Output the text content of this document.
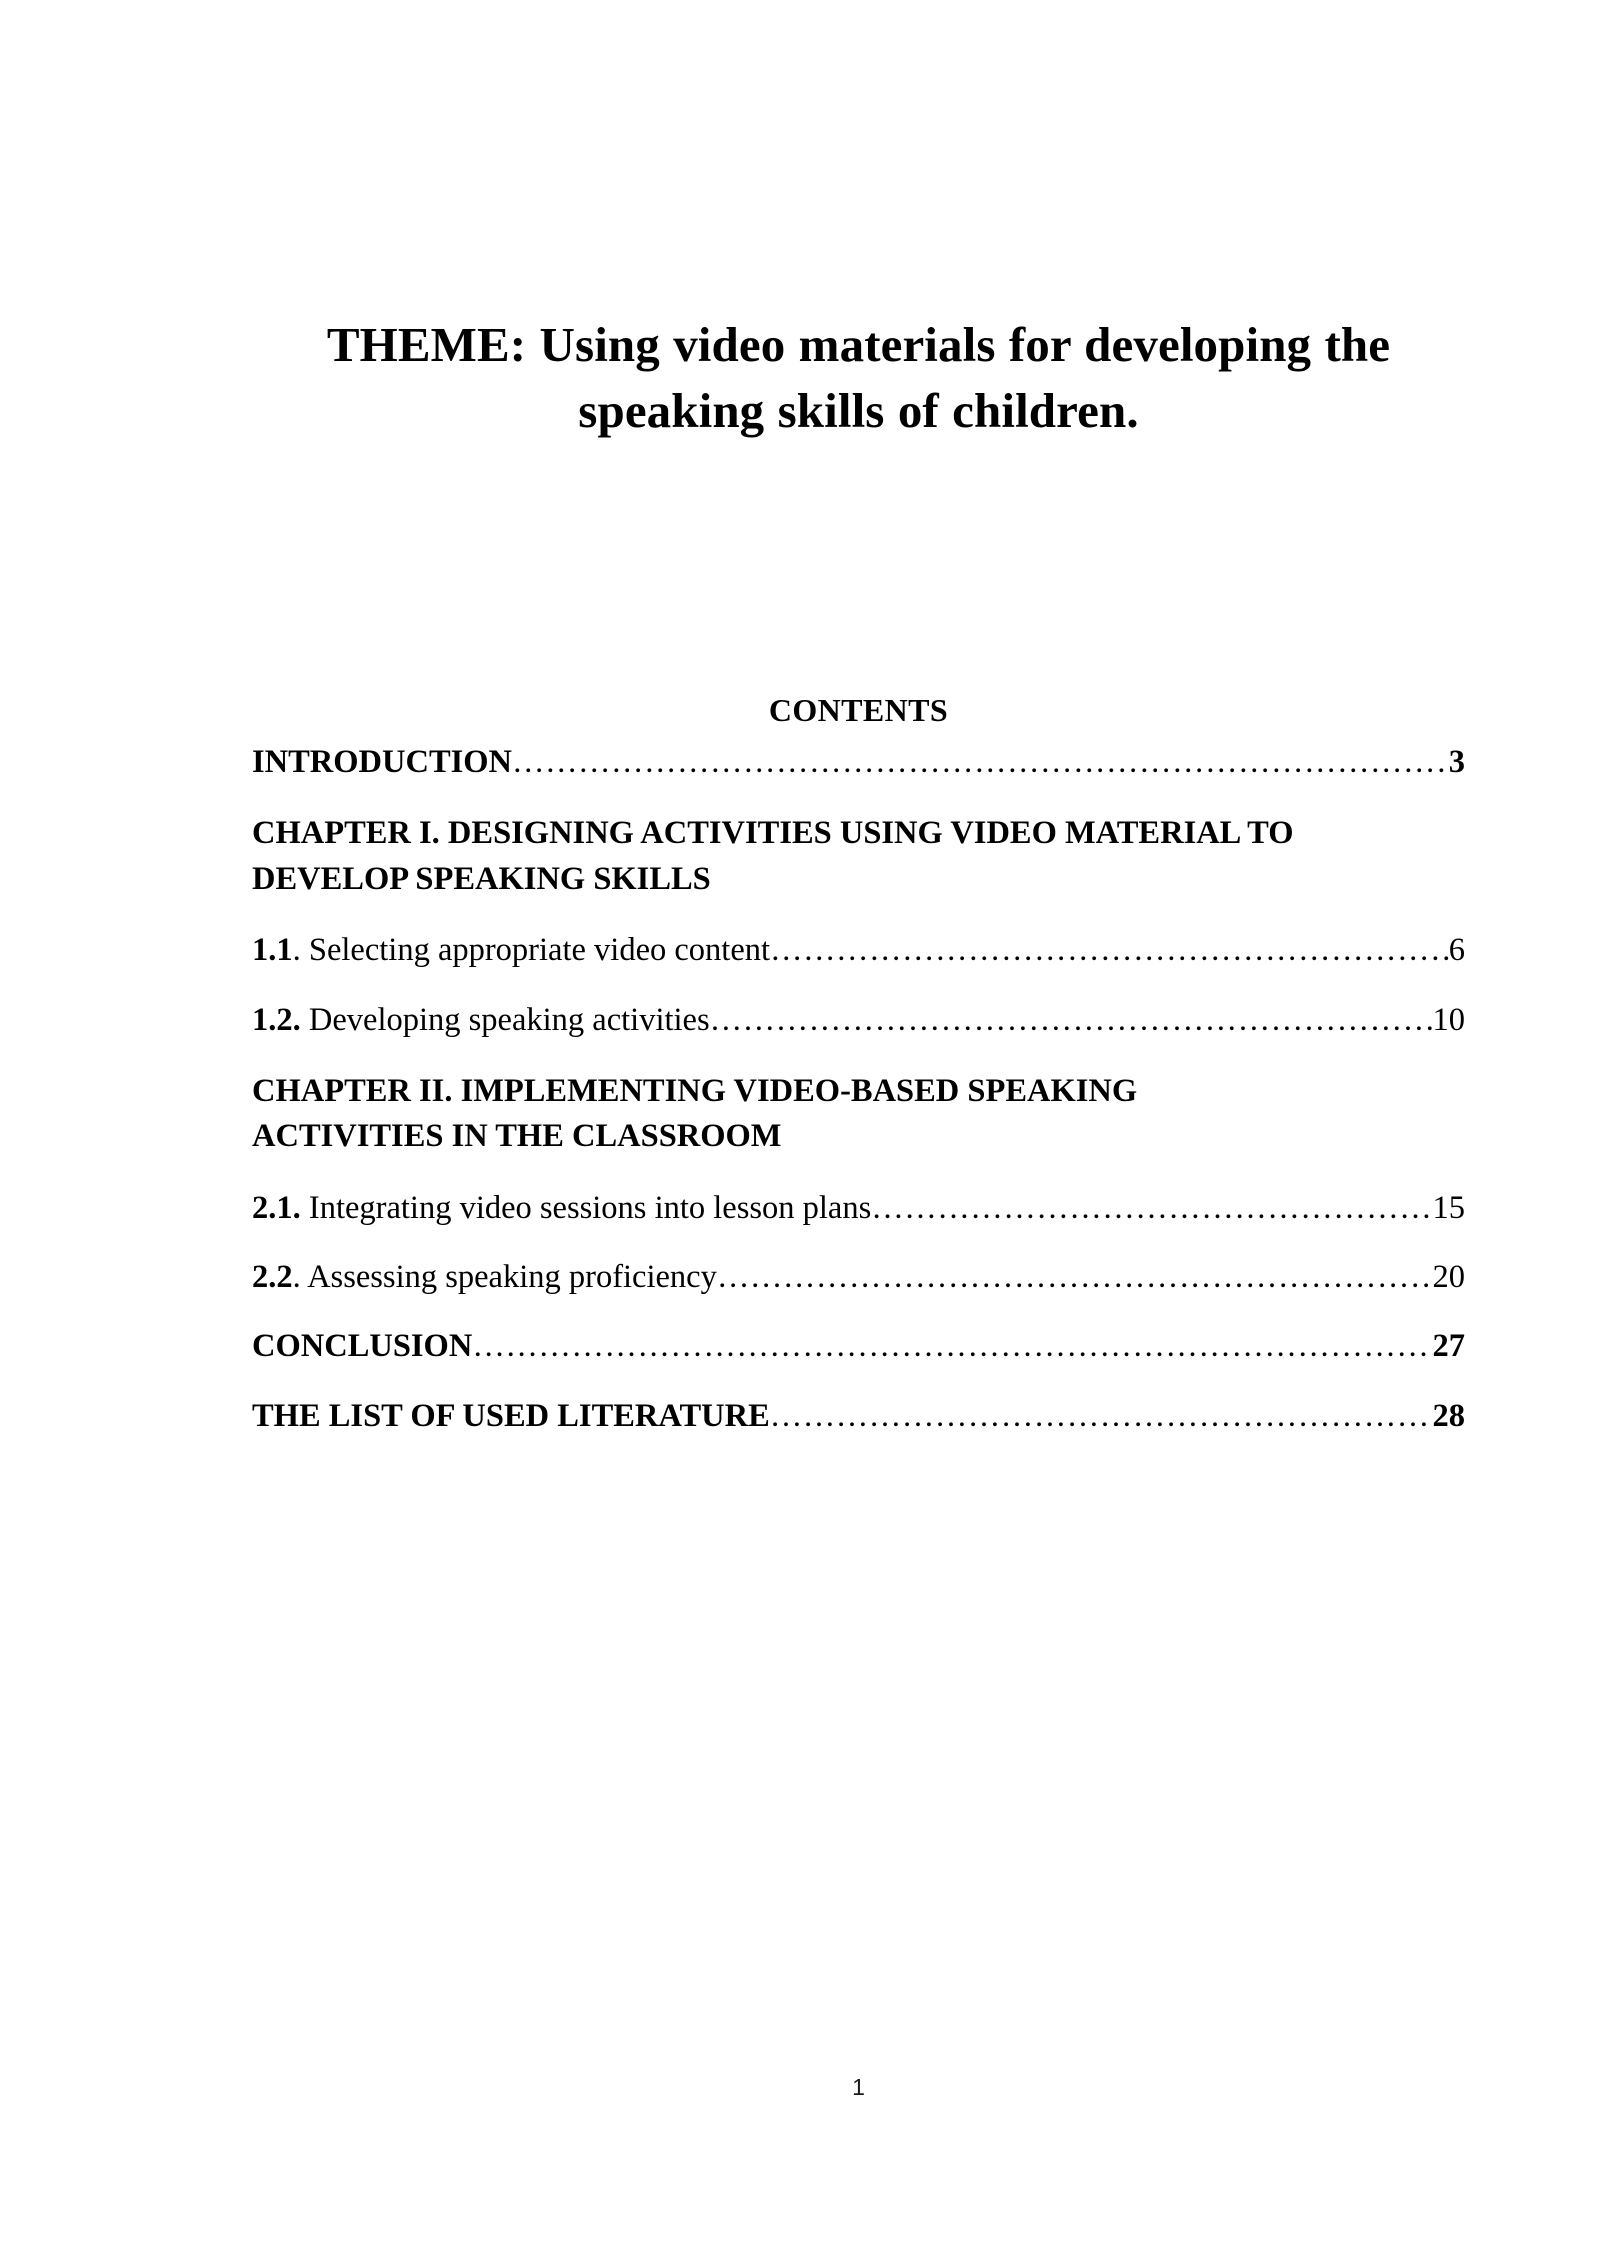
THEME: Using video materials for developing the speaking skills of children.
CONTENTS
INTRODUCTION ……………………………………………………………………………………………………………………………………………………	3
CHAPTER I. DESIGNING ACTIVITIES USING VIDEO MATERIAL TO
DEVELOP SPEAKING SKILLS
1.1. Selecting appropriate video content ……………………………………………………………………………………………………………………………………………………	6
1.2. Developing speaking activities ……………………………………………………………………………………………………………………………………………………	10
CHAPTER II. IMPLEMENTING VIDEO-BASED SPEAKING
ACTIVITIES IN THE CLASSROOM
2.1. Integrating video sessions into lesson plans ……………………………………………………………………………………………………………………………………………………	15
2.2. Assessing speaking proficiency ……………………………………………………………………………………………………………………………………………………	20
CONCLUSION ……………………………………………………………………………………………………………………………………………………	27
THE LIST OF USED LITERATURE ……………………………………………………………………………………………………………………………………………………	28
1
